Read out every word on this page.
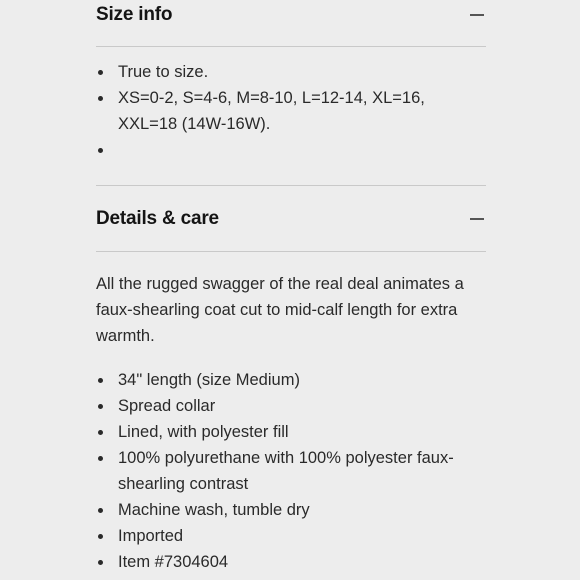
Size info
True to size.
XS=0-2, S=4-6, M=8-10, L=12-14, XL=16, XXL=18 (14W-16W).
Details & care

All the rugged swagger of the real deal animates a faux-shearling coat cut to mid-calf length for extra warmth.

34" length (size Medium)
Spread collar
Lined, with polyester fill
100% polyurethane with 100% polyester faux-shearling contrast
Machine wash, tumble dry
Imported
Item #7304604
